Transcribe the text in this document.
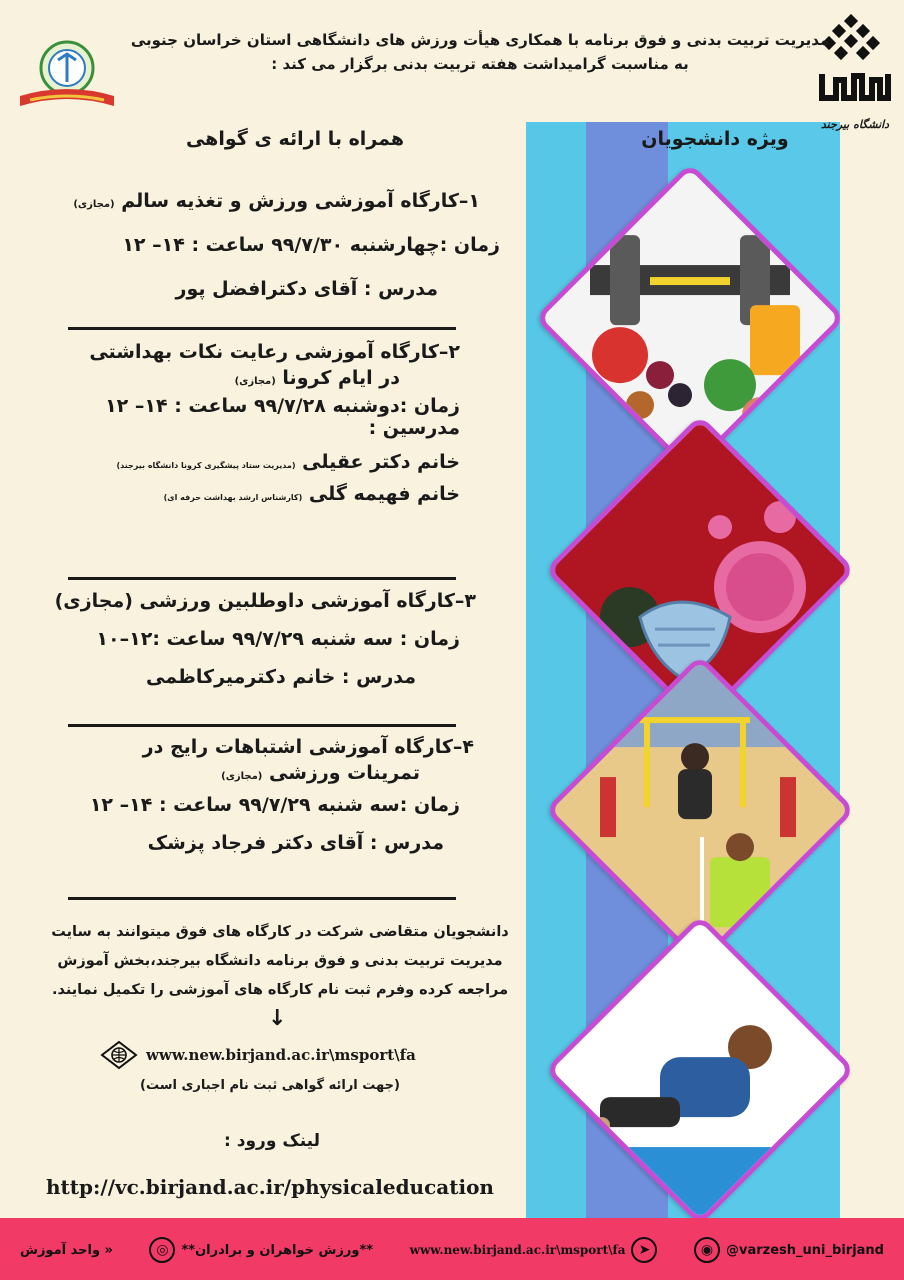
دانشگاه بیرجند
مدیریت تربیت بدنی و فوق برنامه با همکاری هیأت ورزش های دانشگاهی استان خراسان جنوبی
به مناسبت گرامیداشت هفته تربیت بدنی برگزار می کند :
همراه با ارائه ی گواهی	ویژه دانشجویان
۱–کارگاه آموزشی ورزش و تغذیه سالم (مجازی)
زمان :چهارشنبه ۹۹/۷/۳۰ ساعت : ۱۴– ۱۲
مدرس : آقای دکترافضل پور
۲–کارگاه آموزشی رعایت نکات بهداشتی
در ایام کرونا (مجازی)
زمان :دوشنبه ۹۹/۷/۲۸ ساعت : ۱۴– ۱۲
مدرسین :
خانم دکتر عقیلی (مدیریت ستاد پیشگیری کرونا دانشگاه بیرجند)
خانم فهیمه گلی (کارشناس ارشد بهداشت حرفه ای)
۳–کارگاه آموزشی داوطلبین ورزشی (مجازی)
زمان : سه شنبه ۹۹/۷/۲۹ ساعت :۱۲–۱۰
مدرس : خانم دکترمیرکاظمی
۴–کارگاه آموزشی اشتباهات رایج در
تمرینات ورزشی (مجازی)
زمان :سه شنبه ۹۹/۷/۲۹ ساعت : ۱۴– ۱۲
مدرس : آقای دکتر فرجاد پزشک
دانشجویان متقاضی شرکت در کارگاه های فوق میتوانند به سایت
مدیریت تربیت بدنی و فوق برنامه دانشگاه بیرجند،بخش آموزش
مراجعه کرده وفرم ثبت نام کارگاه های آموزشی را تکمیل نمایند.
↓
www.new.birjand.ac.ir\msport\fa
(جهت ارائه گواهی ثبت نام اجباری است)
لینک ورود :
http://vc.birjand.ac.ir/physicaleducation
« واحد آموزش	**ورزش خواهران و برادران**
◎	www.new.birjand.ac.ir\msport\fa ➤	◉ @varzesh_uni_birjand
